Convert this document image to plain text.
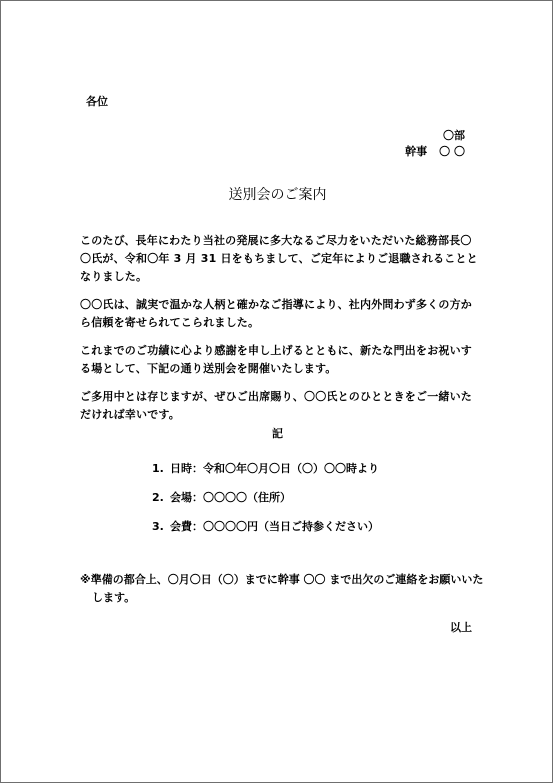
各位

〇部

幹事 〇 〇

送別会のご案内

このたび、長年にわたり当社の発展に多大なるご尽力をいただいた総務部長〇〇氏が、令和〇年 3 月 31 日をもちまして、ご定年によりご退職されることとなりました。

〇〇氏は、誠実で温かな人柄と確かなご指導により、社内外問わず多くの方から信頼を寄せられてこられました。

これまでのご功績に心より感謝を申し上げるとともに、新たな門出をお祝いする場として、下記の通り送別会を開催いたします。

ご多用中とは存じますが、ぜひご出席賜り、〇〇氏とのひとときをご一緒いただければ幸いです。

記

1. 日時：令和〇年〇月〇日（〇）〇〇時より
2. 会場：〇〇〇〇（住所）
3. 会費：〇〇〇〇円（当日ご持参ください）

※準備の都合上、〇月〇日（〇）までに幹事 〇〇 まで出欠のご連絡をお願いいたします。

以上
